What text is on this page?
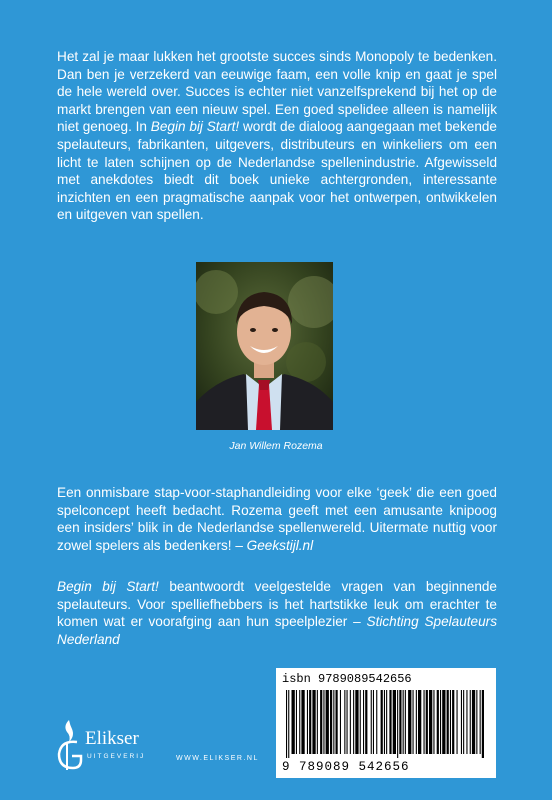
Het zal je maar lukken het grootste succes sinds Monopoly te bedenken. Dan ben je verzekerd van eeuwige faam, een volle knip en gaat je spel de hele wereld over. Succes is echter niet vanzelfsprekend bij het op de markt brengen van een nieuw spel. Een goed spelidee alleen is namelijk niet genoeg. In Begin bij Start! wordt de dialoog aangegaan met bekende spelauteurs, fabrikanten, uitgevers, distributeurs en winkeliers om een licht te laten schijnen op de Nederlandse spellenindustrie. Afgewisseld met anekdotes biedt dit boek unieke achtergronden, interessante inzichten en een pragmatische aanpak voor het ontwerpen, ontwikkelen en uitgeven van spellen.

Jan Willem Rozema

Een onmisbare stap-voor-staphandleiding voor elke ‘geek’ die een goed spelconcept heeft bedacht. Rozema geeft met een amusante knipoog een insiders’ blik in de Nederlandse spellenwereld. Uitermate nuttig voor zowel spelers als bedenkers! – Geekstijl.nl

Begin bij Start! beantwoordt veelgestelde vragen van beginnende spelauteurs. Voor spelliefhebbers is het hartstikke leuk om erachter te komen wat er voorafging aan hun speelplezier – Stichting Spelauteurs Nederland

Elikser
UITGEVERIJ	WWW.ELIKSER.NL
isbn 9789089542656
9 789089 542656
